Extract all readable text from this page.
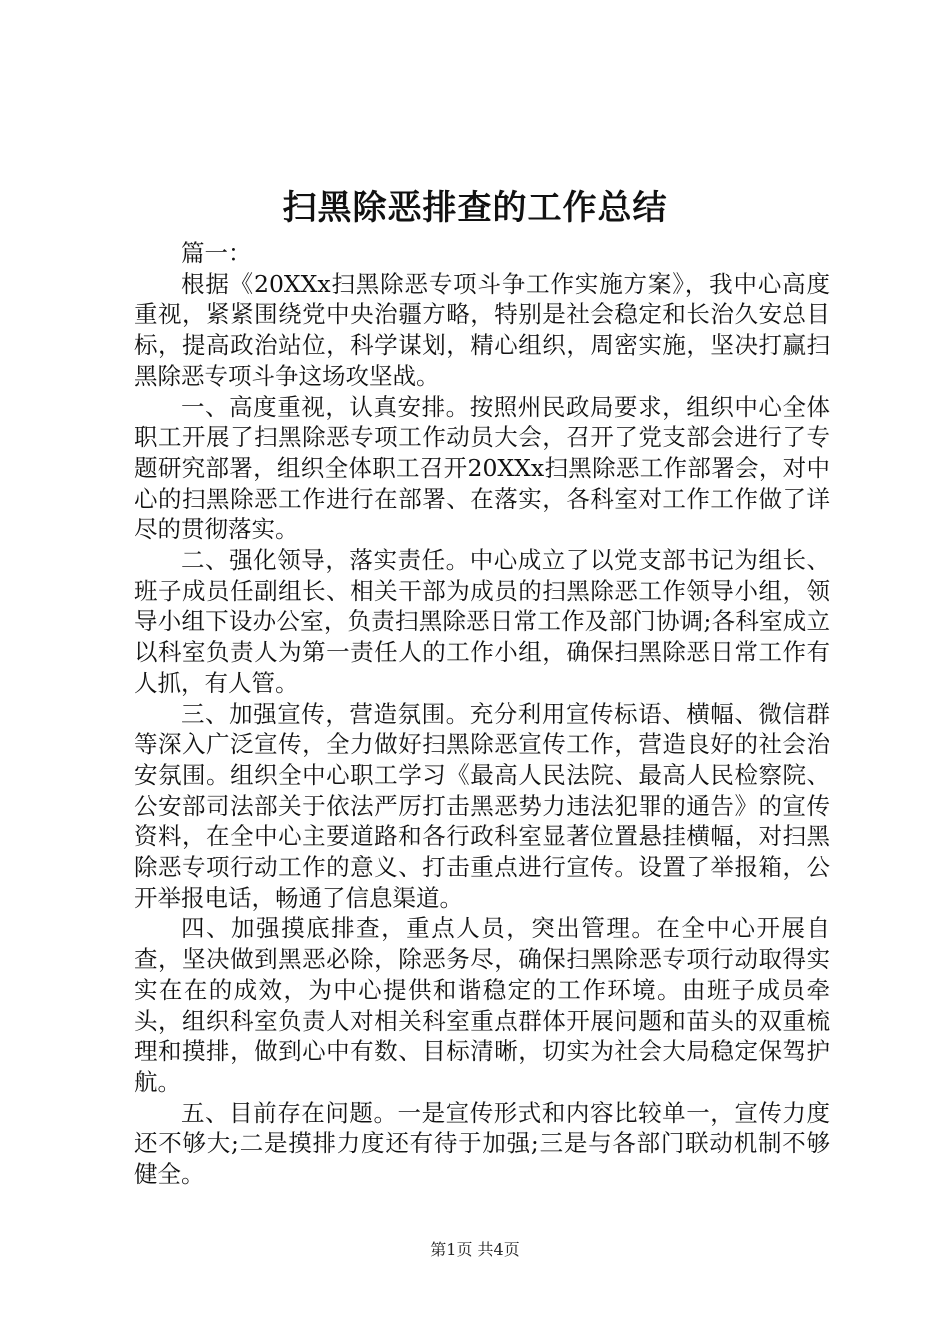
扫黑除恶排查的工作总结

篇一：

根据《20XXx扫黑除恶专项斗争工作实施方案》，我中心高度重视，紧紧围绕党中央治疆方略，特别是社会稳定和长治久安总目标，提高政治站位，科学谋划，精心组织，周密实施，坚决打赢扫黑除恶专项斗争这场攻坚战。

一、高度重视，认真安排。按照州民政局要求，组织中心全体职工开展了扫黑除恶专项工作动员大会，召开了党支部会进行了专题研究部署，组织全体职工召开20XXx扫黑除恶工作部署会，对中心的扫黑除恶工作进行在部署、在落实，各科室对工作工作做了详尽的贯彻落实。

二、强化领导，落实责任。中心成立了以党支部书记为组长、班子成员任副组长、相关干部为成员的扫黑除恶工作领导小组，领导小组下设办公室，负责扫黑除恶日常工作及部门协调;各科室成立以科室负责人为第一责任人的工作小组，确保扫黑除恶日常工作有人抓，有人管。

三、加强宣传，营造氛围。充分利用宣传标语、横幅、微信群等深入广泛宣传，全力做好扫黑除恶宣传工作，营造良好的社会治安氛围。组织全中心职工学习《最高人民法院、最高人民检察院、公安部司法部关于依法严厉打击黑恶势力违法犯罪的通告》的宣传资料，在全中心主要道路和各行政科室显著位置悬挂横幅，对扫黑除恶专项行动工作的意义、打击重点进行宣传。设置了举报箱，公开举报电话，畅通了信息渠道。

四、加强摸底排查，重点人员，突出管理。在全中心开展自查，坚决做到黑恶必除，除恶务尽，确保扫黑除恶专项行动取得实实在在的成效，为中心提供和谐稳定的工作环境。由班子成员牵头，组织科室负责人对相关科室重点群体开展问题和苗头的双重梳理和摸排，做到心中有数、目标清晰，切实为社会大局稳定保驾护航。

五、目前存在问题。一是宣传形式和内容比较单一，宣传力度还不够大;二是摸排力度还有待于加强;三是与各部门联动机制不够健全。

第1页 共4页
